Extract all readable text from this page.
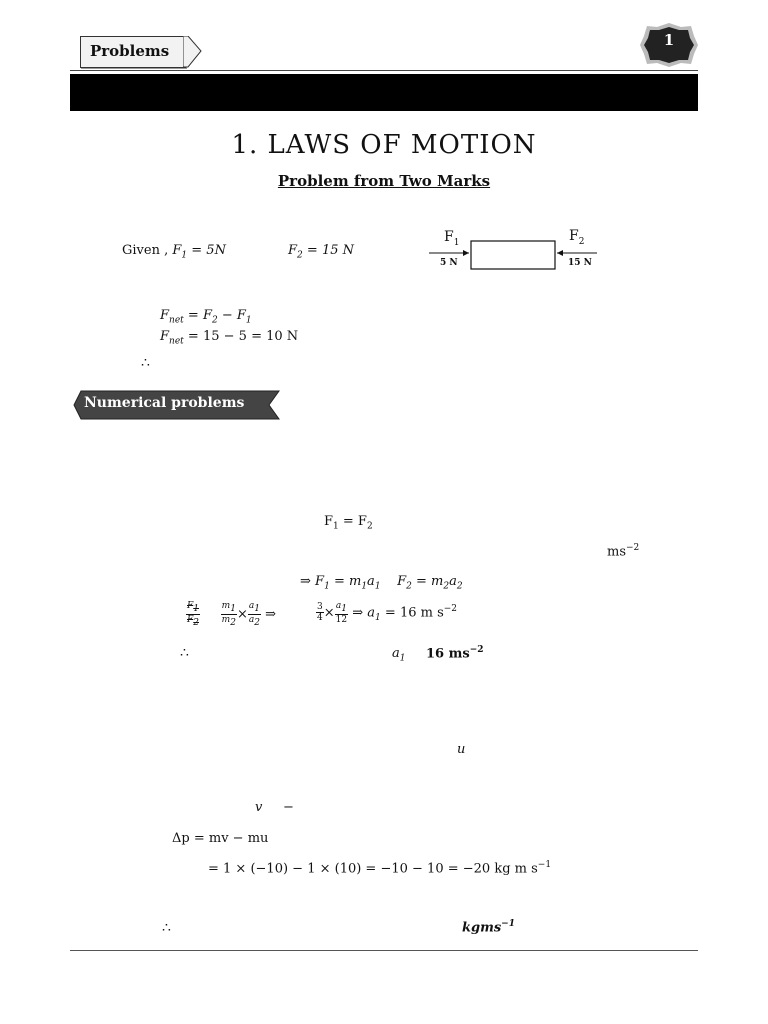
Problems
1
1. LAWS OF MOTION
Problem from Two Marks
Given , $F_1 = 5N$	$F_2 = 15$ N
$F_1$
5 N
$F_2$
15 N
$F_{net} = F_2 - F_1$
$F_{net} = 15 - 5 = 10$ N
∴
Numerical problems
$F_1 = F_2$
$ms^{-2}$
⇒ $F_1 = m_1a_1$    $F_2 = m_2a_2$
$\frac{F_1}{F_2}$
$\frac{m_1}{m_2} \times \frac{a_1}{a_2}$ ⇒	$\frac{3}{4} \times \frac{a_1}{12}$ ⇒ $a_1 = 16$ m $s^{-2}$
∴	$a_1$ 16 $ms^{-2}$
u
v     −
Δp = mv − mu
= 1 × (−10) − 1 × (10) = −10 − 10 = −20 kg m $s^{-1}$
∴	kgms$^{-1}$
